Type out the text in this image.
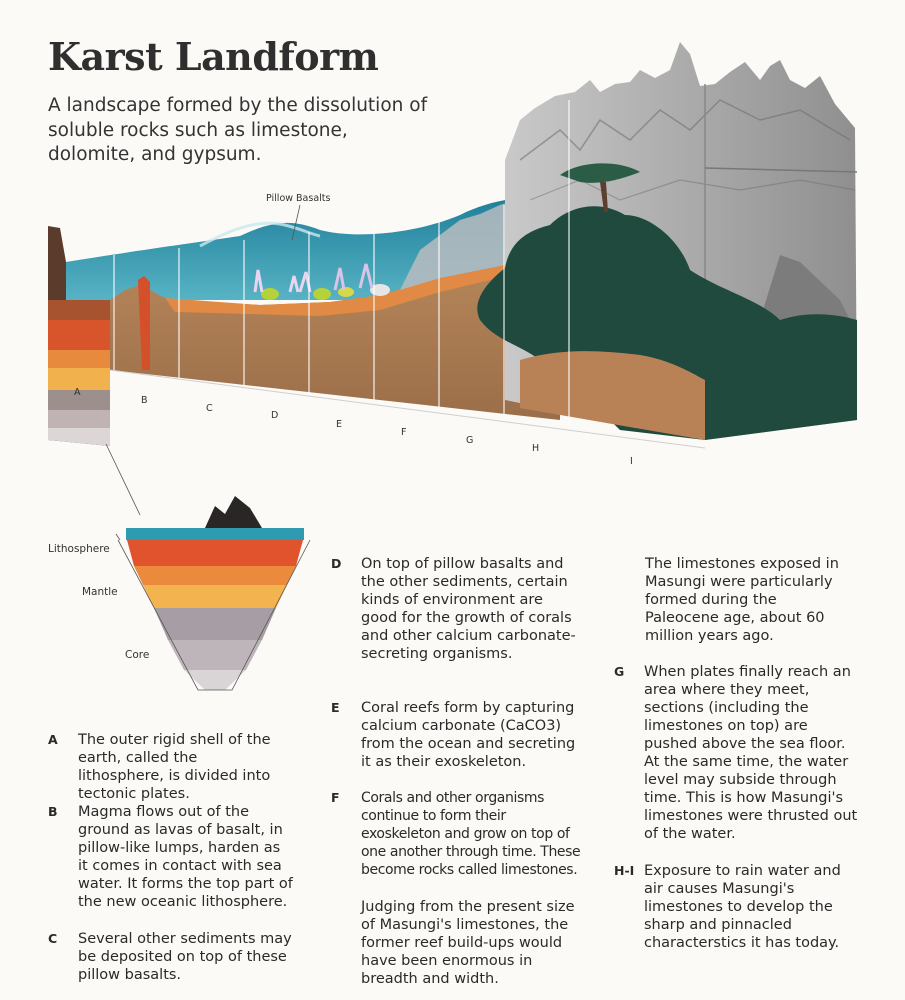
Karst Landform

A landscape formed by the dissolution of soluble rocks such as limestone, dolomite, and gypsum.

Pillow Basalts
A
B
C
D
E
F
G
H
I
Lithosphere
Mantle
Core
A The outer rigid shell of the earth, called the lithosphere, is divided into tectonic plates.
B Magma flows out of the ground as lavas of basalt, in pillow-like lumps, harden as it comes in contact with sea water. It forms the top part of the new oceanic lithosphere.
C Several other sediments may be deposited on top of these pillow basalts.
D On top of pillow basalts and the other sediments, certain kinds of environment are good for the growth of corals and other calcium carbonate-secreting organisms.
E Coral reefs form by capturing calcium carbonate (CaCO3) from the ocean and secreting it as their exoskeleton.
F Corals and other organisms continue to form their exoskeleton and grow on top of one another through time. These become rocks called limestones.
Judging from the present size of Masungi's limestones, the former reef build-ups would have been enormous in breadth and width.
The limestones exposed in Masungi were particularly formed during the Paleocene age, about 60 million years ago.
G When plates finally reach an area where they meet, sections (including the limestones on top) are pushed above the sea floor. At the same time, the water level may subside through time. This is how Masungi's limestones were thrusted out of the water.
H-I Exposure to rain water and air causes Masungi's limestones to develop the sharp and pinnacled characterstics it has today.
